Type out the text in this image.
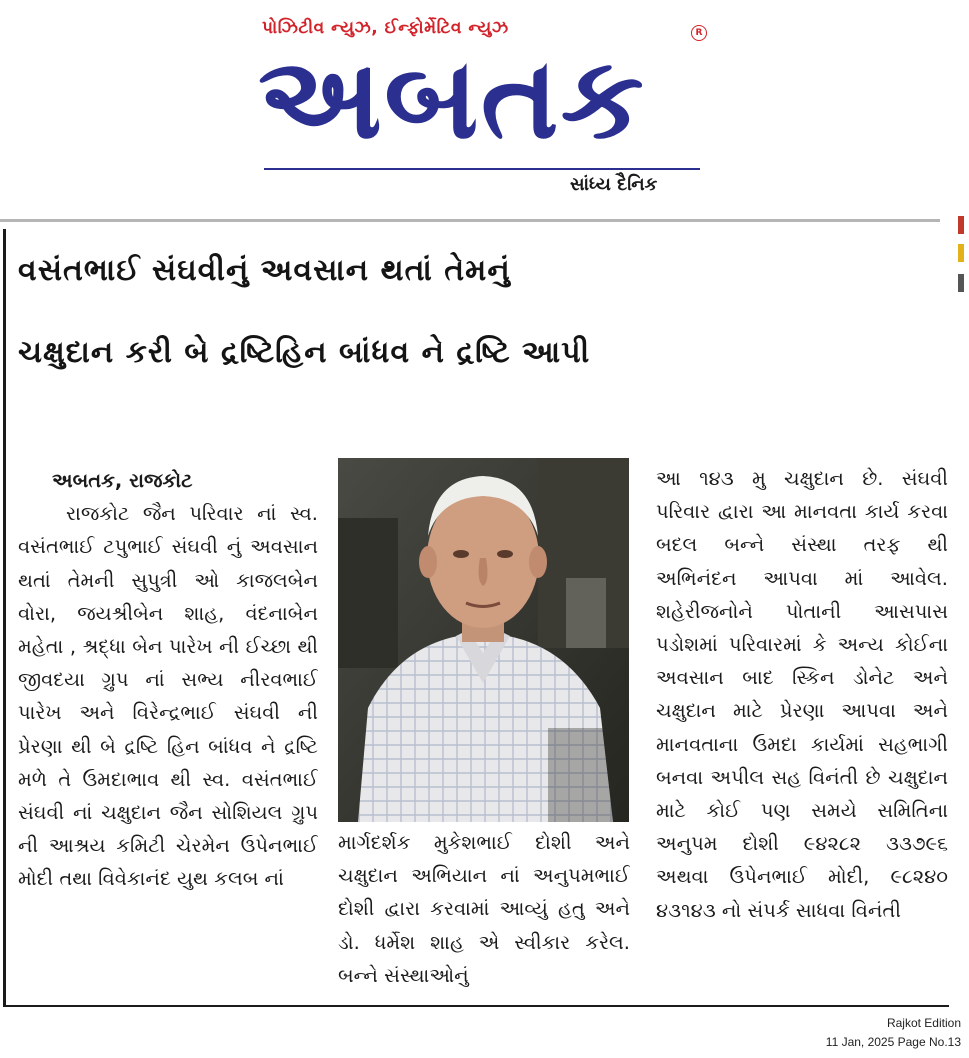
પોઝિટીવ ન્યુઝ, ઈન્ફોર્મેટિવ ન્યુઝ
અબતક
R
સાંધ્ય દૈનિક
વસંતભાઈ સંઘવીનું અવસાન થતાં તેમનું
ચક્ષુદાન કરી બે દ્રષ્ટિહિન બાંધવ ને દ્રષ્ટિ આપી
અબતક, રાજકોટ
રાજકોટ જૈન પરિવાર નાં સ્વ. વસંતભાઈ ટપુભાઈ સંઘવી નું અવસાન થતાં તેમની સુપુત્રી ઓ કાજલબેન વોરા, જયશ્રીબેન શાહ, વંદનાબેન મહેતા , શ્રદ્ધા બેન પારેખ ની ઈચ્છા થી જીવદયા ગ્રુપ નાં સભ્ય નીરવભાઈ પારેખ અને વિરેન્દ્રભાઈ સંઘવી ની પ્રેરણા થી બે દ્રષ્ટિ હિન બાંધવ ને દ્રષ્ટિ મળે તે ઉમદાભાવ થી સ્વ. વસંતભાઈ સંઘવી નાં ચક્ષુદાન જૈન સોશિયલ ગ્રુપ ની આશ્રય કમિટી ચેરમેન ઉપેનભાઈ મોદી તથા વિવેકાનંદ યુથ કલબ નાં
માર્ગદર્શક મુકેશભાઈ દોશી અને ચક્ષુદાન અભિયાન નાં અનુપમભાઈ દોશી દ્વારા કરવામાં આવ્યું હતુ અને ડો. ધર્મેશ શાહ એ સ્વીકાર કરેલ. બન્ને સંસ્થાઓનું
આ ૧૪૩ મુ ચક્ષુદાન છે. સંઘવી પરિવાર દ્વારા આ માનવતા કાર્ય કરવા બદલ બન્ને સંસ્થા તરફ થી અભિનંદન આપવા માં આવેલ. શહેરીજનોને પોતાની આસપાસ પડોશમાં પરિવારમાં કે અન્ય કોઈના અવસાન બાદ સ્કિન ડોનેટ અને ચક્ષુદાન માટે પ્રેરણા આપવા અને માનવતાના ઉમદા કાર્યમાં સહભાગી બનવા અપીલ સહ વિનંતી છે ચક્ષુદાન માટે કોઈ પણ સમયે સમિતિના અનુપમ દોશી ૯૪૨૮૨ ૩૩૭૯૬ અથવા ઉપેનભાઈ મોદી, ૯૮૨૪૦ ૪૩૧૪૩ નો સંપર્ક સાધવા વિનંતી
Rajkot Edition
11 Jan, 2025 Page No.13
